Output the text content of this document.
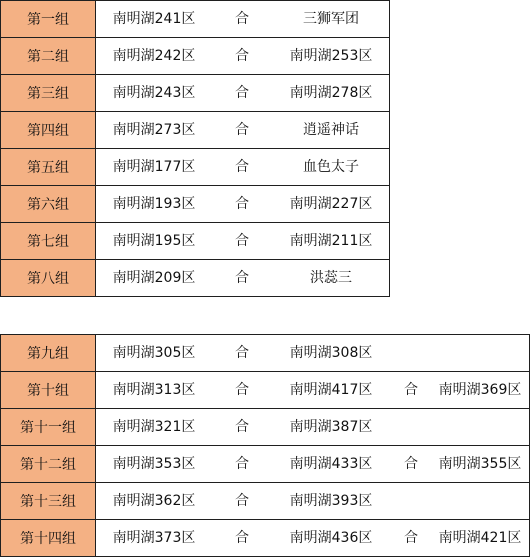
第一组	南明湖241区 合 三狮军团

第二组	南明湖242区 合 南明湖253区

第三组	南明湖243区 合 南明湖278区

第四组	南明湖273区 合 逍遥神话

第五组	南明湖177区 合 血色太子

第六组	南明湖193区 合 南明湖227区

第七组	南明湖195区 合 南明湖211区

第八组	南明湖209区 合 洪蕊三
第九组	南明湖305区 合 南明湖308区

第十组	南明湖313区 合 南明湖417区 合 南明湖369区

第十一组	南明湖321区 合 南明湖387区

第十二组	南明湖353区 合 南明湖433区 合 南明湖355区

第十三组	南明湖362区 合 南明湖393区

第十四组	南明湖373区 合 南明湖436区 合 南明湖421区
